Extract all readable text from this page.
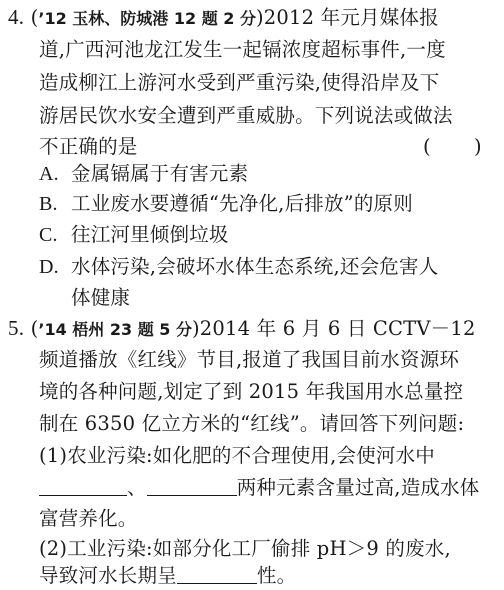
4. (’12 玉林、防城港 12 题 2 分)2012 年元月媒体报
道,广西河池龙江发生一起镉浓度超标事件,一度
造成柳江上游河水受到严重污染,使得沿岸及下
游居民饮水安全遭到严重威胁。下列说法或做法
不正确的是	( )
A. 金属镉属于有害元素
B. 工业废水要遵循“先净化,后排放”的原则
C. 往江河里倾倒垃圾
D. 水体污染,会破坏水体生态系统,还会危害人
体健康
5. (’14 梧州 23 题 5 分)2014 年 6 月 6 日 CCTV－12
频道播放《红线》节目,报道了我国目前水资源环
境的各种问题,划定了到 2015 年我国用水总量控
制在 6350 亿立方米的“红线”。请回答下列问题:
(1)农业污染:如化肥的不合理使用,会使河水中
、	两种元素含量过高,造成水体
富营养化。
(2)工业污染:如部分化工厂偷排 pH＞9 的废水,
导致河水长期呈	性。
